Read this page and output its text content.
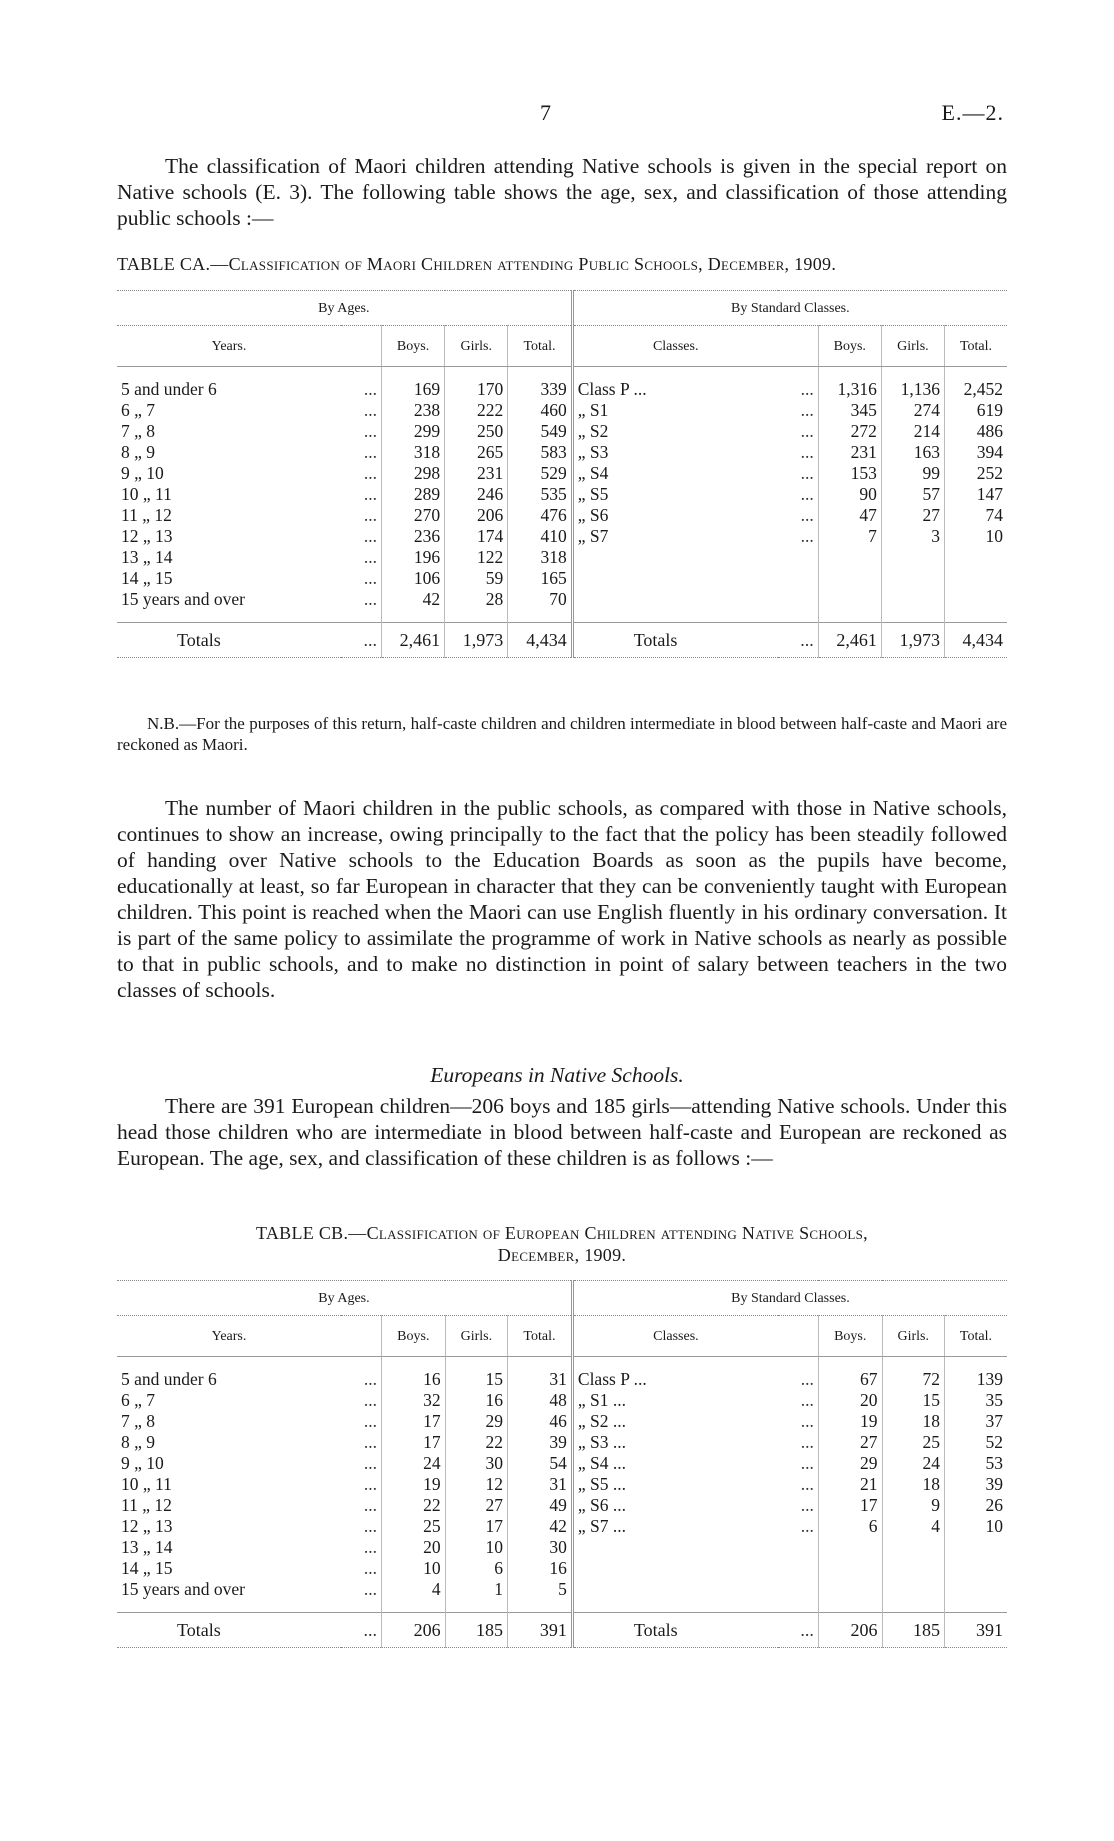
7	E.—2.

The classification of Maori children attending Native schools is given in the special report on Native schools (E. 3). The following table shows the age, sex, and classification of those attending public schools :—

TABLE CA.—Classification of Maori Children attending Public Schools, December, 1909.
By Ages.					By Standard Classes.				
Years.		Boys.	Girls.	Total.	Classes.		Boys.	Girls.	Total.

5 and under 6	...	169	170	339	Class P ...	...	1,316	1,136	2,452
6 „ 7	...	238	222	460	„ S1	...	345	274	619
7 „ 8	...	299	250	549	„ S2	...	272	214	486
8 „ 9	...	318	265	583	„ S3	...	231	163	394
9 „ 10	...	298	231	529	„ S4	...	153	99	252
10 „ 11	...	289	246	535	„ S5	...	90	57	147
11 „ 12	...	270	206	476	„ S6	...	47	27	74
12 „ 13	...	236	174	410	„ S7	...	7	3	10
13 „ 14	...	196	122	318					
14 „ 15	...	106	59	165					
15 years and over	...	42	28	70					

Totals	...	2,461	1,973	4,434	Totals	...	2,461	1,973	4,434

N.B.—For the purposes of this return, half-caste children and children intermediate in blood between half-caste and Maori are reckoned as Maori.

The number of Maori children in the public schools, as compared with those in Native schools, continues to show an increase, owing principally to the fact that the policy has been steadily followed of handing over Native schools to the Education Boards as soon as the pupils have become, educationally at least, so far European in character that they can be conveniently taught with European children. This point is reached when the Maori can use English fluently in his ordinary conversation. It is part of the same policy to assimilate the programme of work in Native schools as nearly as possible to that in public schools, and to make no distinction in point of salary between teachers in the two classes of schools.

Europeans in Native Schools.

There are 391 European children—206 boys and 185 girls—attending Native schools. Under this head those children who are intermediate in blood between half-caste and European are reckoned as European. The age, sex, and classification of these children is as follows :—

TABLE CB.—Classification of European Children attending Native Schools,
December, 1909.
By Ages.					By Standard Classes.				
Years.		Boys.	Girls.	Total.	Classes.		Boys.	Girls.	Total.

5 and under 6	...	16	15	31	Class P ...	...	67	72	139
6 „ 7	...	32	16	48	„ S1 ...	...	20	15	35
7 „ 8	...	17	29	46	„ S2 ...	...	19	18	37
8 „ 9	...	17	22	39	„ S3 ...	...	27	25	52
9 „ 10	...	24	30	54	„ S4 ...	...	29	24	53
10 „ 11	...	19	12	31	„ S5 ...	...	21	18	39
11 „ 12	...	22	27	49	„ S6 ...	...	17	9	26
12 „ 13	...	25	17	42	„ S7 ...	...	6	4	10
13 „ 14	...	20	10	30					
14 „ 15	...	10	6	16					
15 years and over	...	4	1	5					

Totals	...	206	185	391	Totals	...	206	185	391
